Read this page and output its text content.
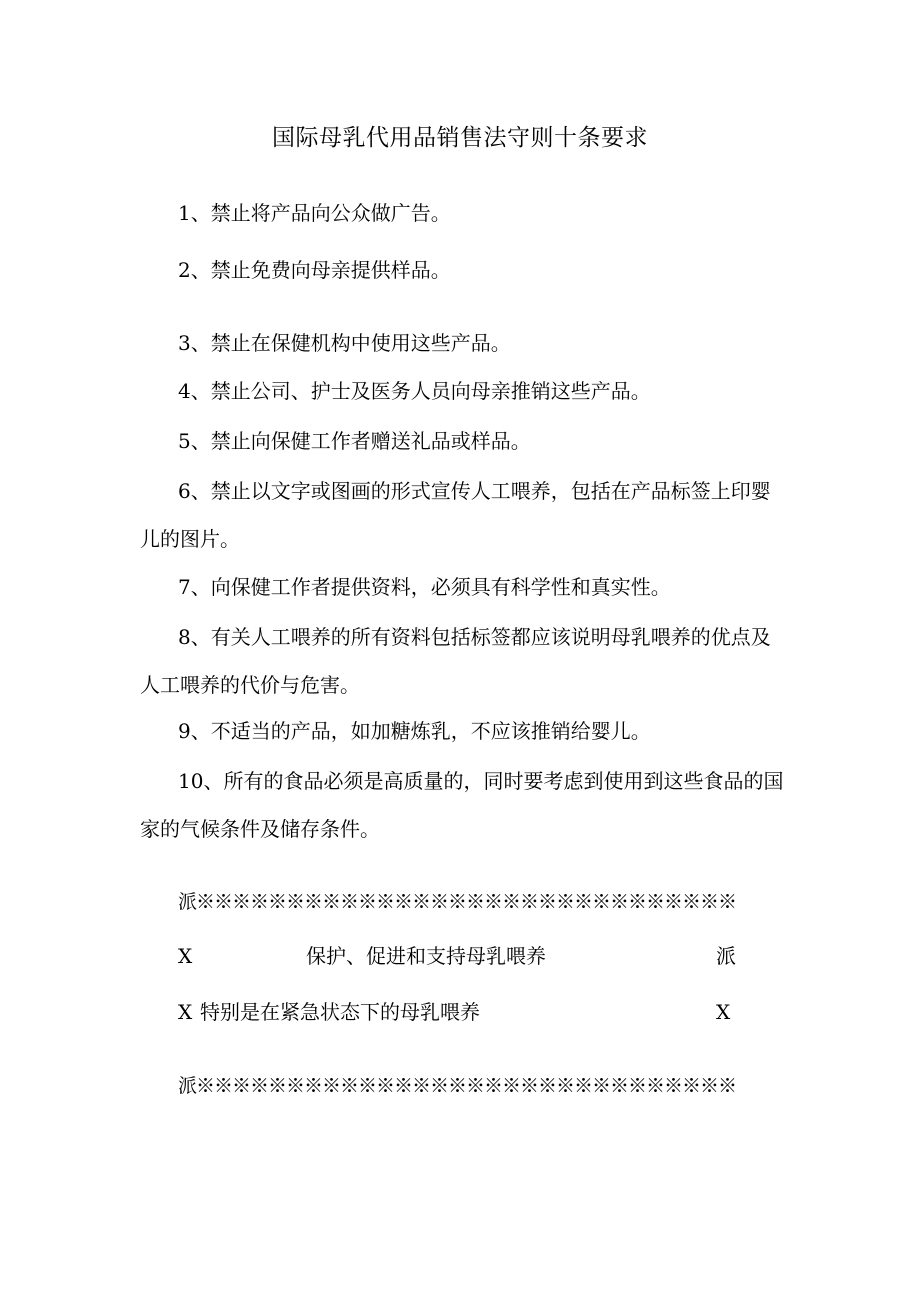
国际母乳代用品销售法守则十条要求

1、禁止将产品向公众做广告。

2、禁止免费向母亲提供样品。

3、禁止在保健机构中使用这些产品。

4、禁止公司、护士及医务人员向母亲推销这些产品。

5、禁止向保健工作者赠送礼品或样品。

6、禁止以文字或图画的形式宣传人工喂养，包括在产品标签上印婴儿的图片。

7、向保健工作者提供资料，必须具有科学性和真实性。

8、有关人工喂养的所有资料包括标签都应该说明母乳喂养的优点及人工喂养的代价与危害。

9、不适当的产品，如加糖炼乳，不应该推销给婴儿。

10、所有的食品必须是高质量的，同时要考虑到使用到这些食品的国家的气候条件及储存条件。

派※※※※※※※※※※※※※※※※※※※※※※※※※※※※※※
X	保护、促进和支持母乳喂养	派
X 特别是在紧急状态下的母乳喂养	X
派※※※※※※※※※※※※※※※※※※※※※※※※※※※※※※
